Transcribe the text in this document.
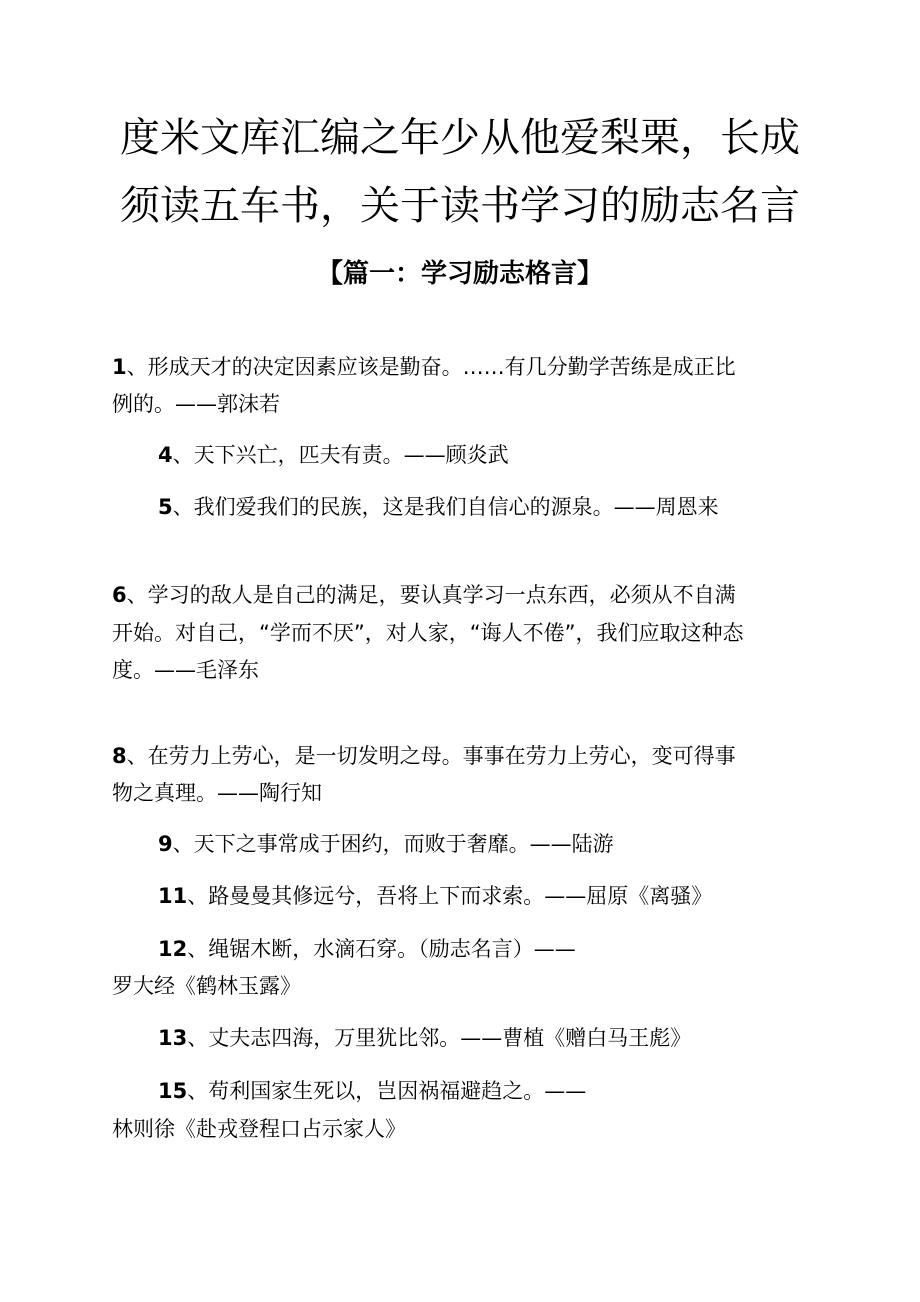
度米文库汇编之年少从他爱梨栗，长成
须读五车书，关于读书学习的励志名言
【篇一：学习励志格言】

1、形成天才的决定因素应该是勤奋。……有几分勤学苦练是成正比

例的。——郭沫若

4、天下兴亡，匹夫有责。——顾炎武

5、我们爱我们的民族，这是我们自信心的源泉。——周恩来

6、学习的敌人是自己的满足，要认真学习一点东西，必须从不自满

开始。对自己，“学而不厌”，对人家，“诲人不倦”，我们应取这种态

度。——毛泽东

8、在劳力上劳心，是一切发明之母。事事在劳力上劳心，变可得事

物之真理。——陶行知

9、天下之事常成于困约，而败于奢靡。——陆游

11、路曼曼其修远兮，吾将上下而求索。——屈原《离骚》

12、绳锯木断，水滴石穿。（励志名言）——

罗大经《鹤林玉露》

13、丈夫志四海，万里犹比邻。——曹植《赠白马王彪》

15、苟利国家生死以，岂因祸福避趋之。——

林则徐《赴戎登程口占示家人》
